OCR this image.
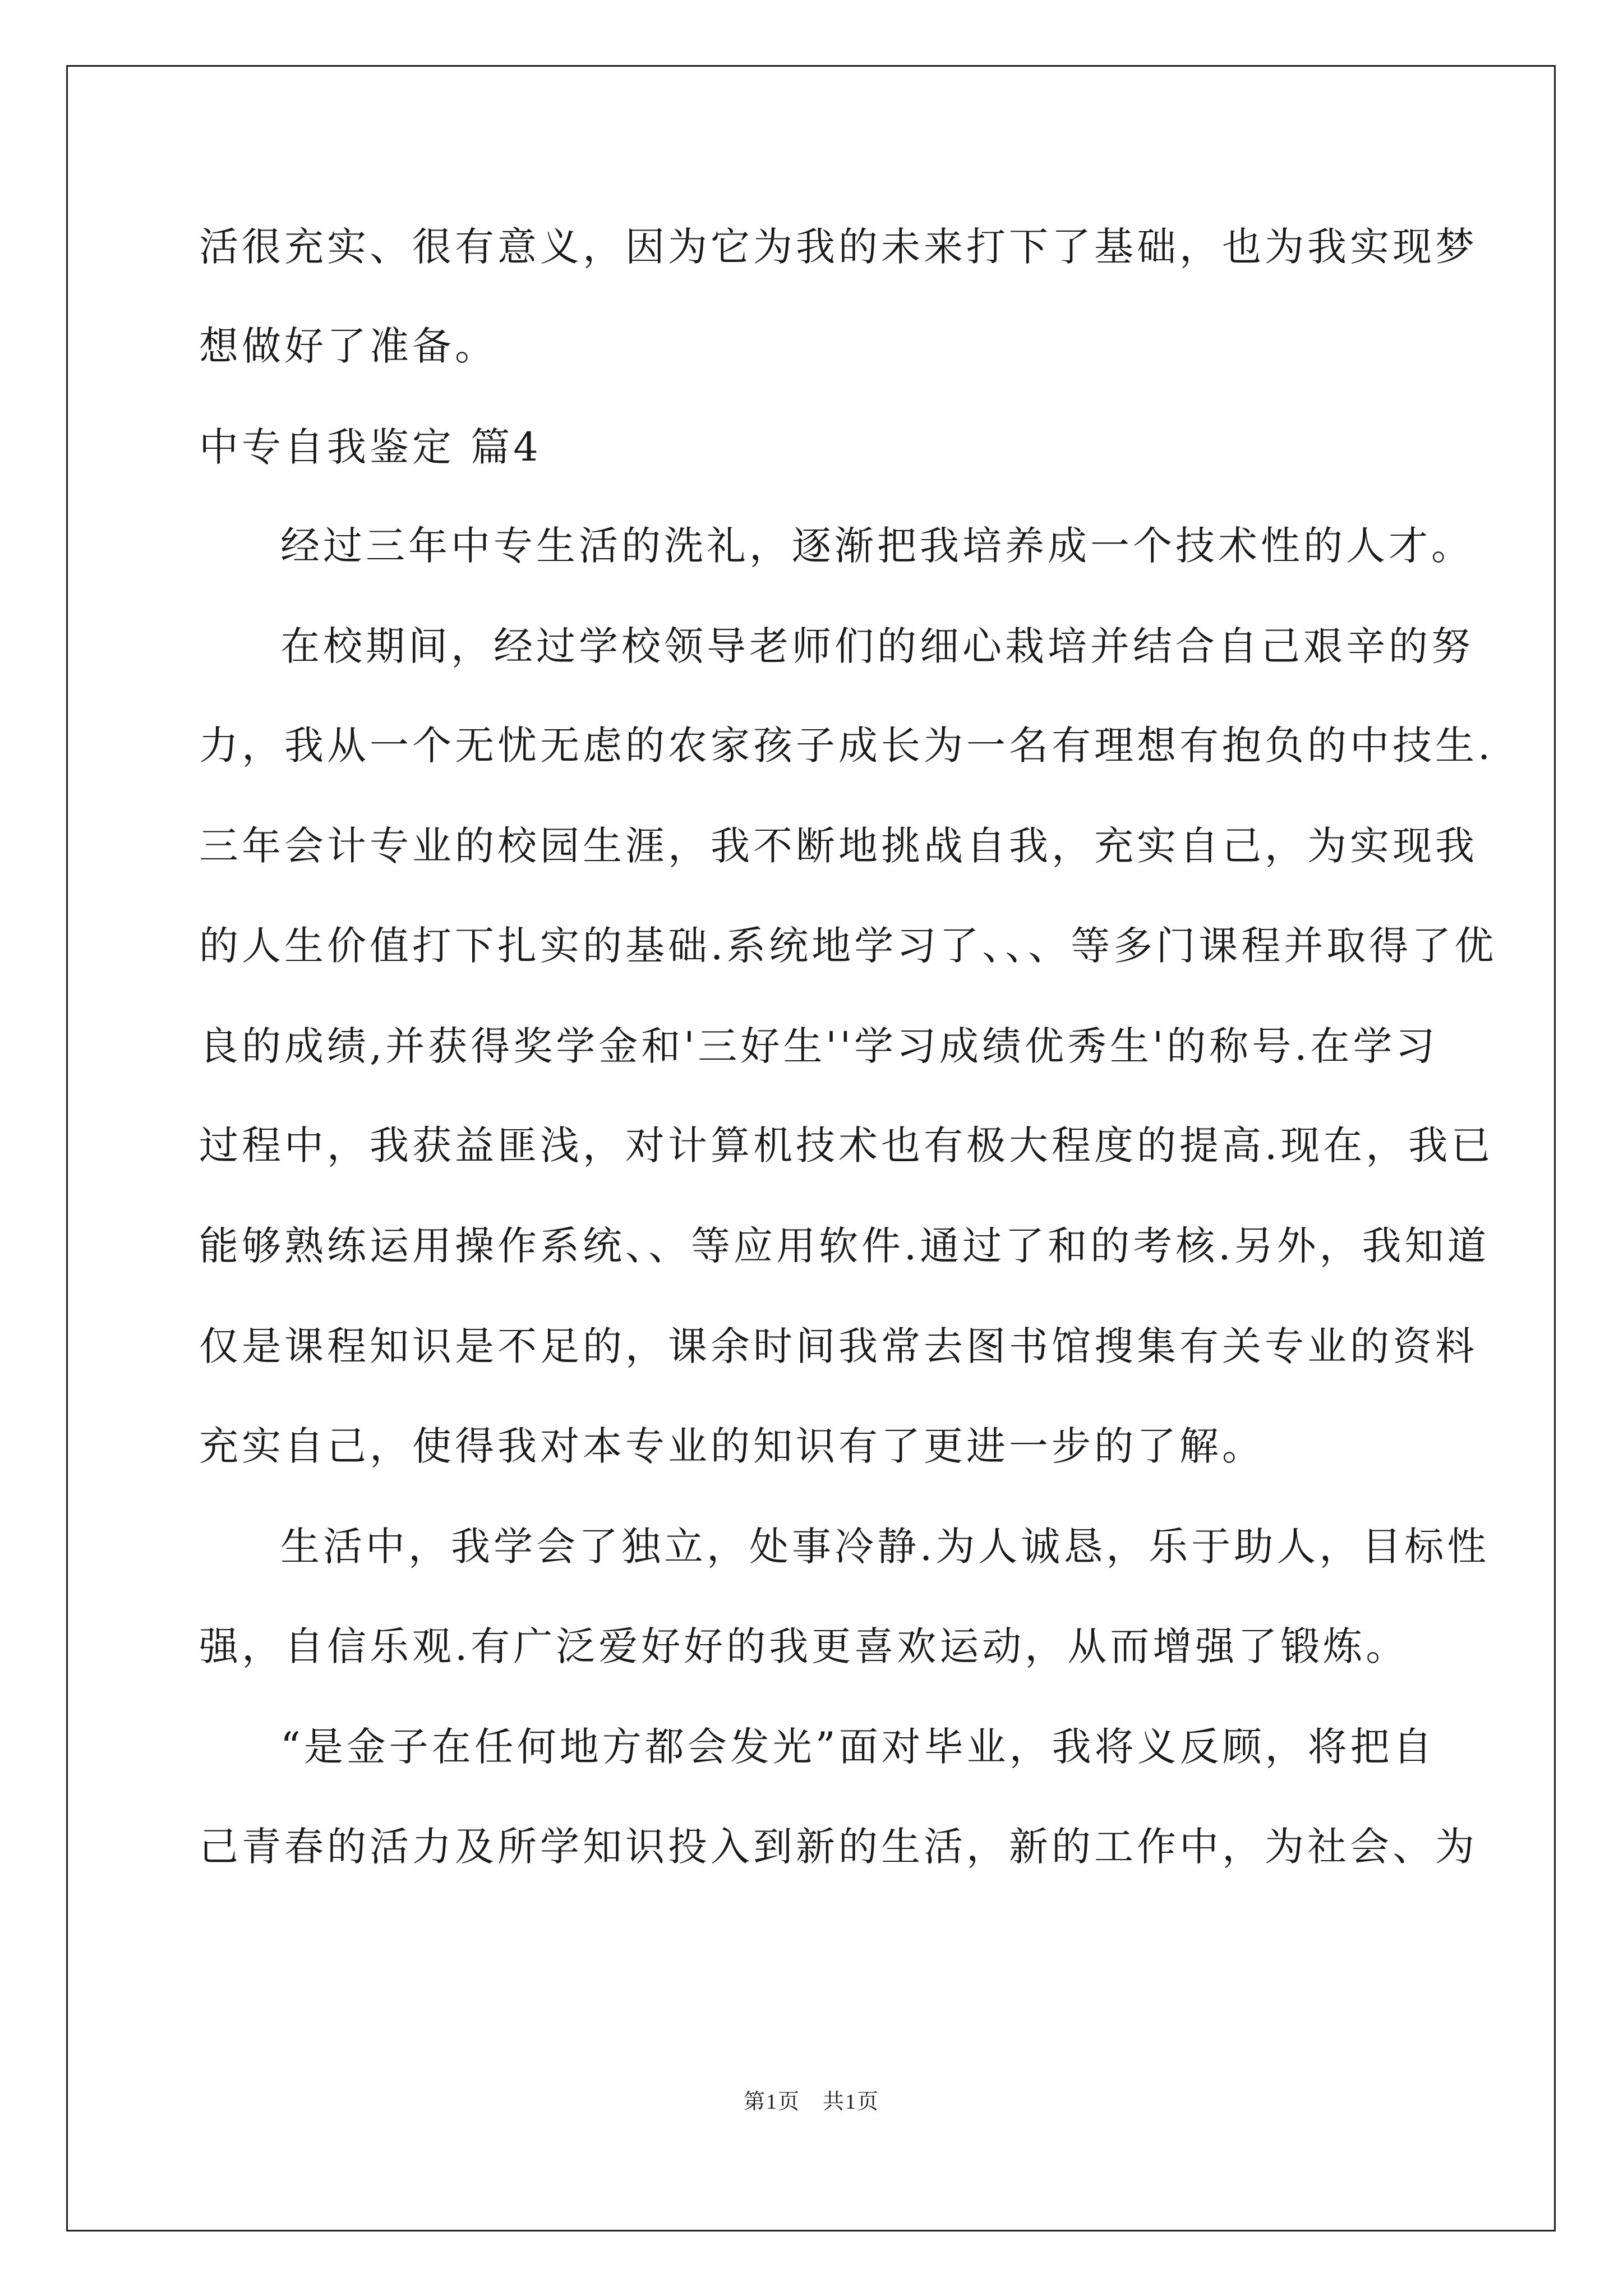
活很充实、很有意义，因为它为我的未来打下了基础，也为我实现梦
想做好了准备。
中专自我鉴定 篇4
经过三年中专生活的洗礼，逐渐把我培养成一个技术性的人才。
在校期间，经过学校领导老师们的细心栽培并结合自己艰辛的努
力，我从一个无忧无虑的农家孩子成长为一名有理想有抱负的中技生.
三年会计专业的校园生涯，我不断地挑战自我，充实自己，为实现我
的人生价值打下扎实的基础.系统地学习了、、、等多门课程并取得了优
良的成绩,并获得奖学金和'三好生''学习成绩优秀生'的称号.在学习
过程中，我获益匪浅，对计算机技术也有极大程度的提高.现在，我已
能够熟练运用操作系统、、等应用软件.通过了和的考核.另外，我知道
仅是课程知识是不足的，课余时间我常去图书馆搜集有关专业的资料
充实自己，使得我对本专业的知识有了更进一步的了解。
生活中，我学会了独立，处事冷静.为人诚恳，乐于助人，目标性
强，自信乐观.有广泛爱好好的我更喜欢运动，从而增强了锻炼。
“是金子在任何地方都会发光”面对毕业，我将义反顾，将把自
己青春的活力及所学知识投入到新的生活，新的工作中，为社会、为
第1页　共1页
